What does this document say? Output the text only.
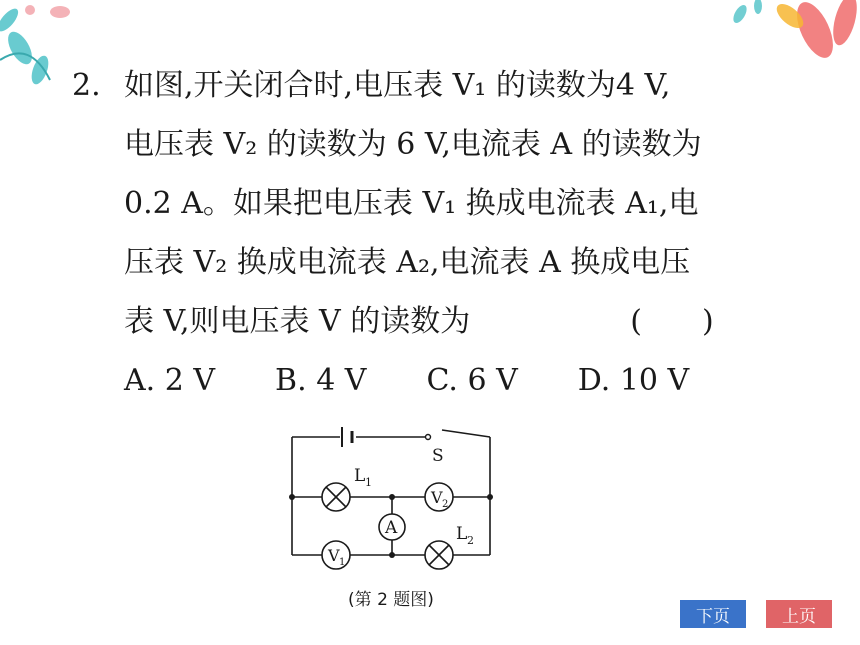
2. 如图,开关闭合时,电压表 V₁ 的读数为4 V,
电压表 V₂ 的读数为 6 V,电流表 A 的读数为
0.2 A。如果把电压表 V₁ 换成电流表 A₁,电
压表 V₂ 换成电流表 A₂,电流表 A 换成电压
表 V,则电压表 V 的读数为	(　　)
A. 2 V B. 4 V C. 6 V D. 10 V
S
L 1
L 2
A
V 2
V 1
(第 2 题图)
下页	上页
